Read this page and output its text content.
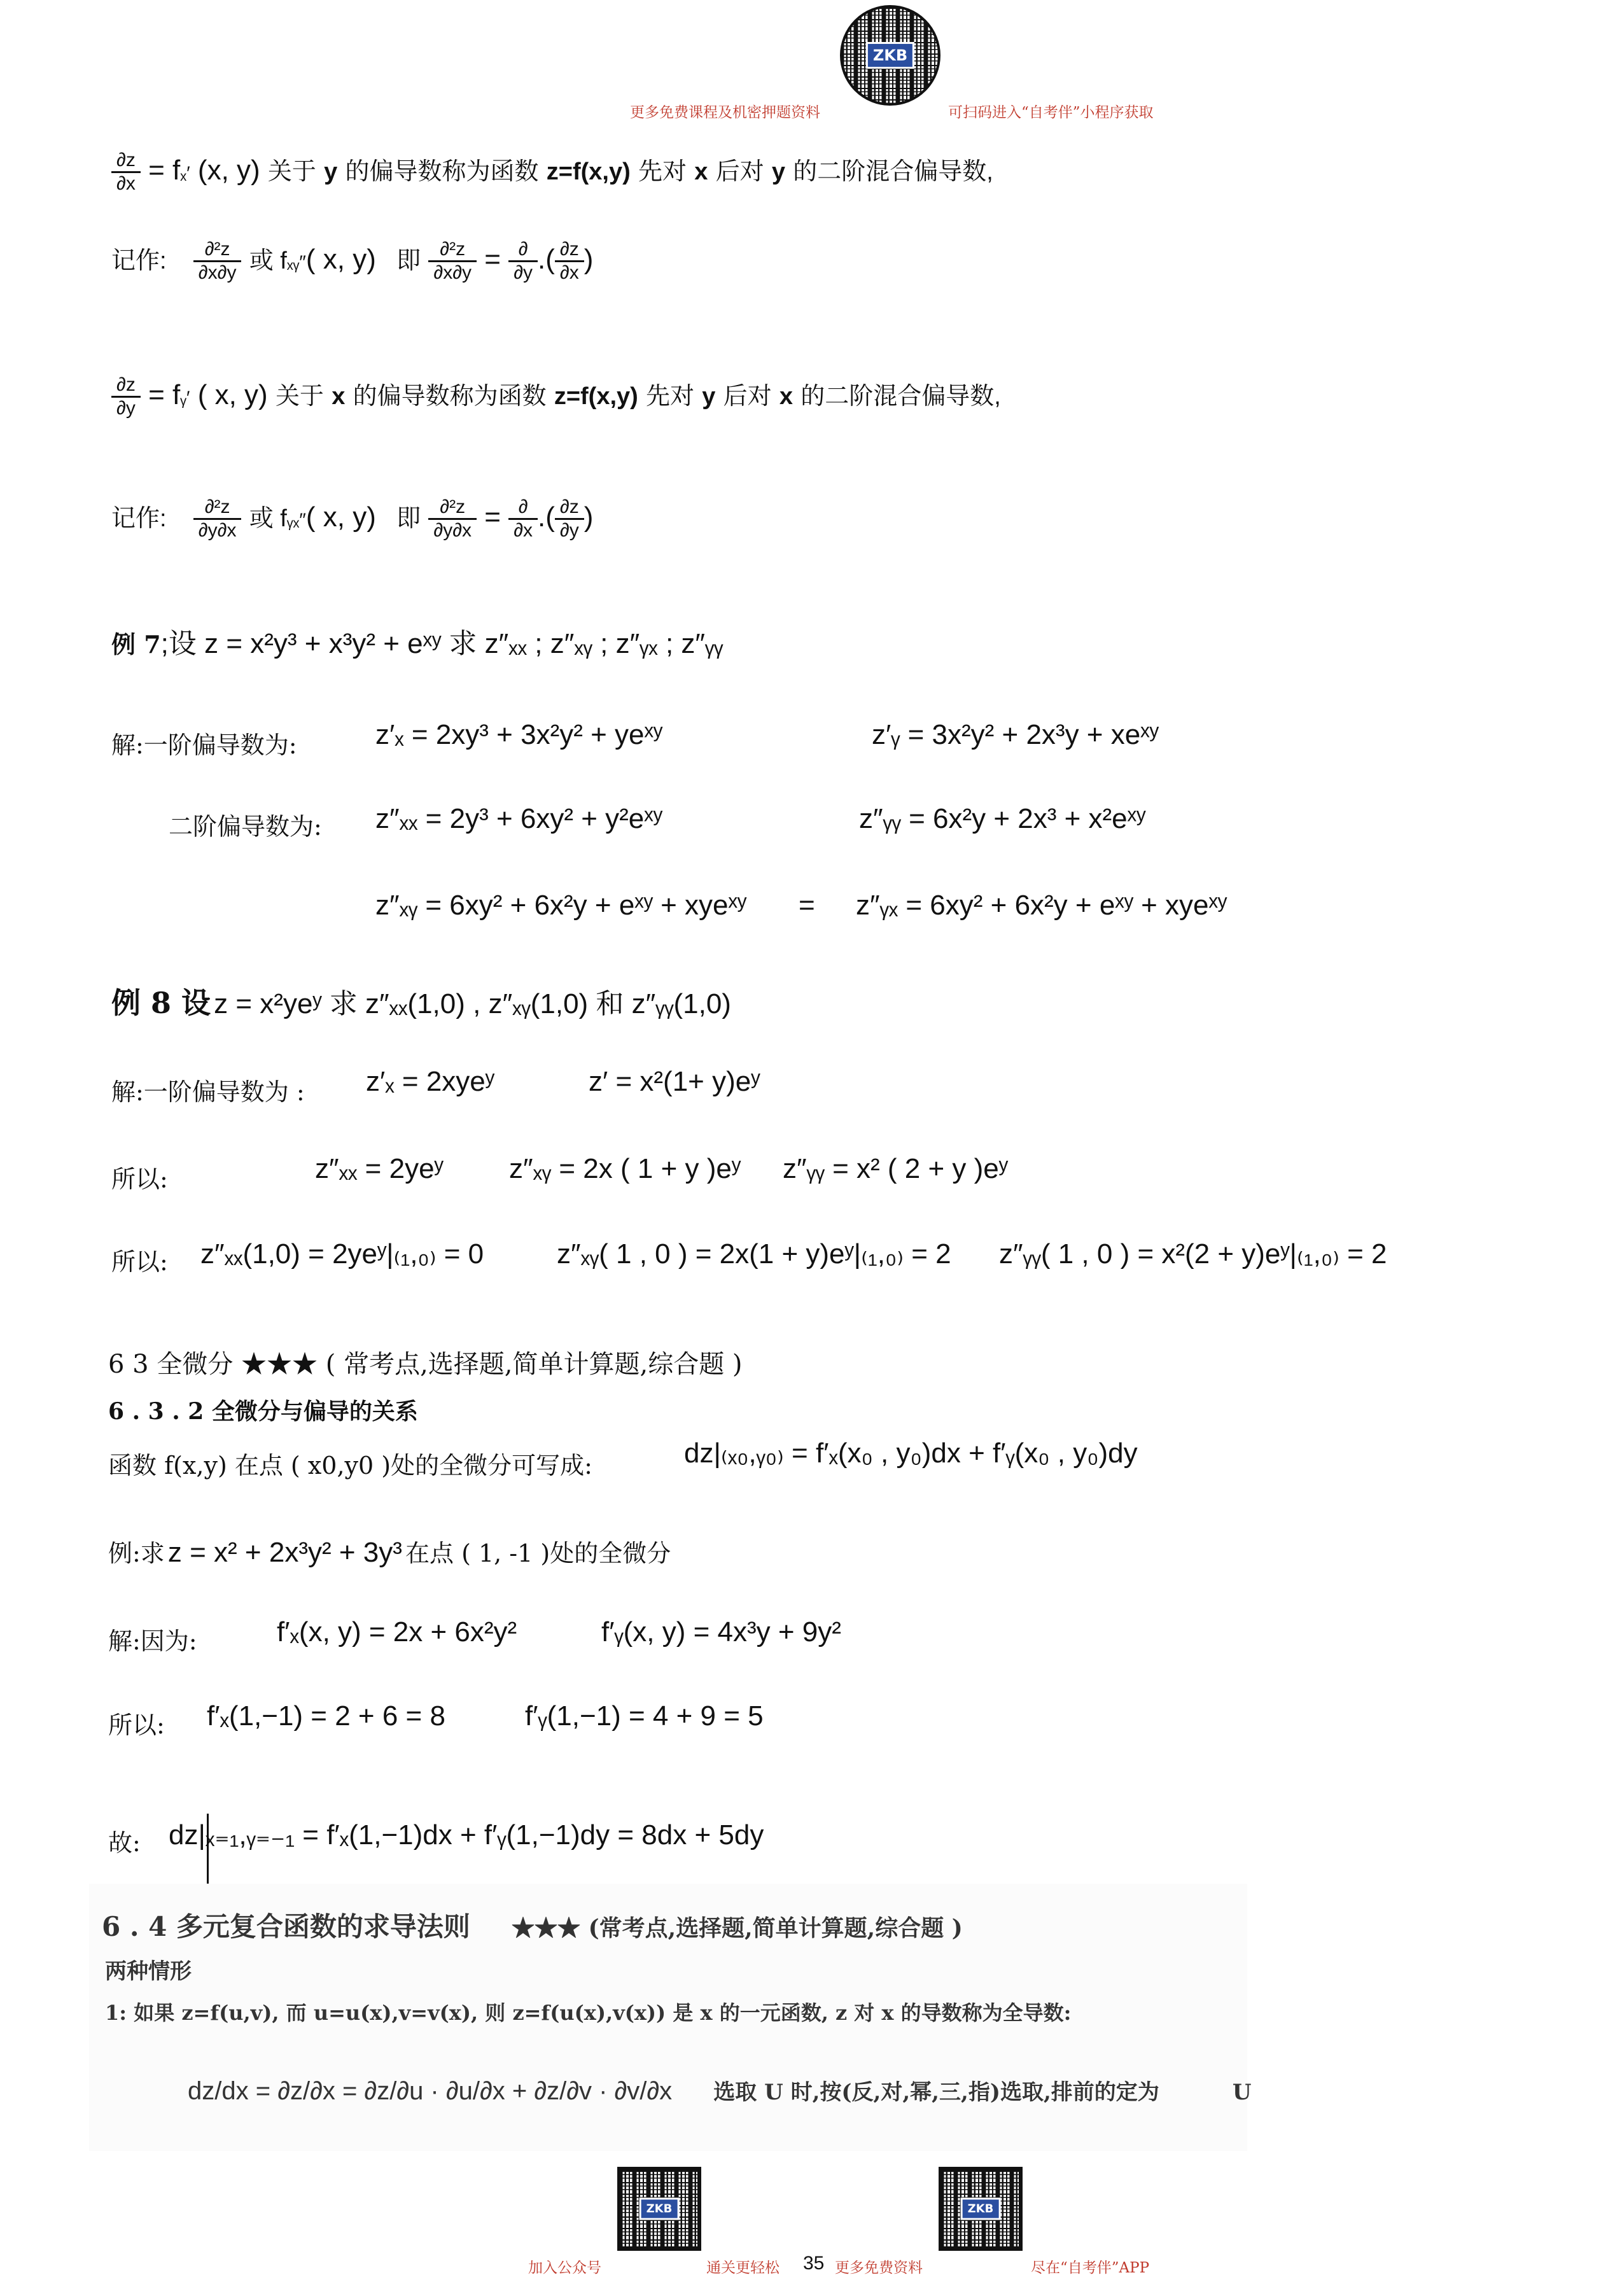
ZKB
更多免费课程及机密押题资料	可扫码进入“自考伴”小程序获取
$\frac{\partial z}{\partial x} = f_x'$ (x, y) 关于 y 的偏导数称为函数 z=f(x,y) 先对 x 后对 y 的二阶混合偏导数,
记作: $\frac{\text{∂²z}}{\partial x\partial y}$ 或 fₓᵧ″( x, y) 即 $\frac{\text{∂²z}}{\partial x\partial y} = \frac{\partial}{\partial y}$ .( $\frac{\partial z}{\partial x}$ )
$\frac{\partial z}{\partial y}$ = fᵧ′ ( x, y) 关于 x 的偏导数称为函数 z=f(x,y) 先对 y 后对 x 的二阶混合偏导数,
记作: $\frac{\text{∂²z}}{\partial y\partial x}$ 或 fᵧₓ″( x, y) 即 $\frac{\text{∂²z}}{\partial y\partial x} = \frac{\partial}{\partial x}$ .( $\frac{\partial z}{\partial y}$ )
例 7;设 z = x²y³ + x³y² + eˣʸ 求 z″ₓₓ ; z″ₓᵧ ; z″ᵧₓ ; z″ᵧᵧ
解:一阶偏导数为:	z′ₓ = 2xy³ + 3x²y² + yeˣʸ	z′ᵧ = 3x²y² + 2x³y + xeˣʸ
二阶偏导数为: z″ₓₓ = 2y³ + 6xy² + y²eˣʸ	z″ᵧᵧ = 6x²y + 2x³ + x²eˣʸ
z″ₓᵧ = 6xy² + 6x²y + eˣʸ + xyeˣʸ = z″ᵧₓ = 6xy² + 6x²y + eˣʸ + xyeˣʸ
例 8 设 z = x²yeʸ 求 z″ₓₓ(1,0) , z″ₓᵧ(1,0) 和 z″ᵧᵧ(1,0)
解:一阶偏导数为 : z′ₓ = 2xyeʸ	z′ = x²(1+ y)eʸ
所以:	z″ₓₓ = 2yeʸ z″ₓᵧ = 2x ( 1 + y )eʸ z″ᵧᵧ = x² ( 2 + y )eʸ
所以: z″ₓₓ(1,0) = 2yeʸ|₍₁,₀₎ = 0	z″ₓᵧ( 1 , 0 ) = 2x(1 + y)eʸ|₍₁,₀₎ = 2 z″ᵧᵧ( 1 , 0 ) = x²(2 + y)eʸ|₍₁,₀₎ = 2
6 3 全微分 ★★★ ( 常考点,选择题,简单计算题,综合题 )
6 . 3 . 2 全微分与偏导的关系
函数 f(x,y) 在点 ( x0,y0 )处的全微分可写成:	dz|₍ₓ₀,ᵧ₀₎ = f′ₓ(x₀ , y₀)dx + f′ᵧ(x₀ , y₀)dy
例:求 z = x² + 2x³y² + 3y³ 在点 ( 1, -1 )处的全微分
解:因为:	f′ₓ(x, y) = 2x + 6x²y²	f′ᵧ(x, y) = 4x³y + 9y²
所以: f′ₓ(1,−1) = 2 + 6 = 8	f′ᵧ(1,−1) = 4 + 9 = 5
故: dz|ₓ₌₁,ᵧ₌₋₁ = f′ₓ(1,−1)dx + f′ᵧ(1,−1)dy = 8dx + 5dy
6 . 4 多元复合函数的求导法则 ★★★ (常考点,选择题,简单计算题,综合题 )
两种情形
1: 如果 z=f(u,v), 而 u=u(x),v=v(x), 则 z=f(u(x),v(x)) 是 x 的一元函数, z 对 x 的导数称为全导数:
dz/dx = ∂z/∂x = ∂z/∂u · ∂u/∂x + ∂z/∂v · ∂v/∂x 选取 U 时,按(反,对,幂,三,指)选取,排前的定为	U
ZKB	ZKB
加入公众号	通关更轻松 35 更多免费资料	尽在“自考伴”APP
